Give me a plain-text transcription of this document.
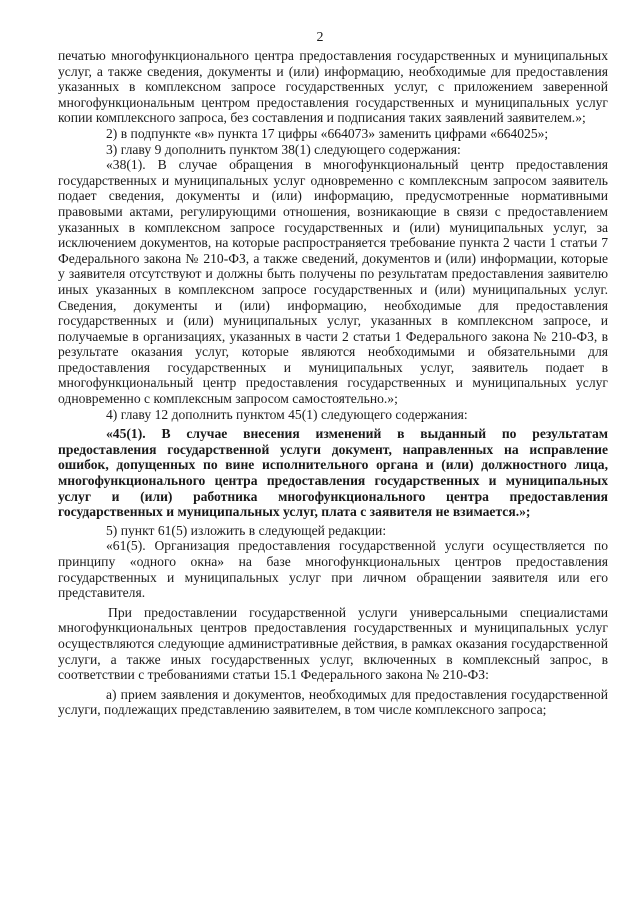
2

печатью многофункционального центра предоставления государственных и муниципальных услуг, а также сведения, документы и (или) информацию, необходимые для предоставления указанных в комплексном запросе государственных услуг, с приложением заверенной многофункциональным центром предоставления государственных и муниципальных услуг копии комплексного запроса, без составления и подписания таких заявлений заявителем.»;

2) в подпункте «в» пункта 17 цифры «664073» заменить цифрами «664025»;

3) главу 9 дополнить пунктом 38(1) следующего содержания:

«38(1). В случае обращения в многофункциональный центр предоставления государственных и муниципальных услуг одновременно с комплексным запросом заявитель подает сведения, документы и (или) информацию, предусмотренные нормативными правовыми актами, регулирующими отношения, возникающие в связи с предоставлением указанных в комплексном запросе государственных и (или) муниципальных услуг, за исключением документов, на которые распространяется требование пункта 2 части 1 статьи 7 Федерального закона № 210-ФЗ, а также сведений, документов и (или) информации, которые у заявителя отсутствуют и должны быть получены по результатам предоставления заявителю иных указанных в комплексном запросе государственных и (или) муниципальных услуг. Сведения, документы и (или) информацию, необходимые для предоставления государственных и (или) муниципальных услуг, указанных в комплексном запросе, и получаемые в организациях, указанных в части 2 статьи 1 Федерального закона № 210-ФЗ, в результате оказания услуг, которые являются необходимыми и обязательными для предоставления государственных и муниципальных услуг, заявитель подает в многофункциональный центр предоставления государственных и муниципальных услуг одновременно с комплексным запросом самостоятельно.»;

4) главу 12 дополнить пунктом 45(1) следующего содержания:

«45(1). В случае внесения изменений в выданный по результатам предоставления государственной услуги документ, направленных на исправление ошибок, допущенных по вине исполнительного органа и (или) должностного лица, многофункционального центра предоставления государственных и муниципальных услуг и (или) работника многофункционального центра предоставления государственных и муниципальных услуг, плата с заявителя не взимается.»;

5) пункт 61(5) изложить в следующей редакции:

«61(5). Организация предоставления государственной услуги осуществляется по принципу «одного окна» на базе многофункциональных центров предоставления государственных и муниципальных услуг при личном обращении заявителя или его представителя.

При предоставлении государственной услуги универсальными специалистами многофункциональных центров предоставления государственных и муниципальных услуг осуществляются следующие административные действия, в рамках оказания государственной услуги, а также иных государственных услуг, включенных в комплексный запрос, в соответствии с требованиями статьи 15.1 Федерального закона № 210-ФЗ:

а) прием заявления и документов, необходимых для предоставления государственной услуги, подлежащих представлению заявителем, в том числе комплексного запроса;
